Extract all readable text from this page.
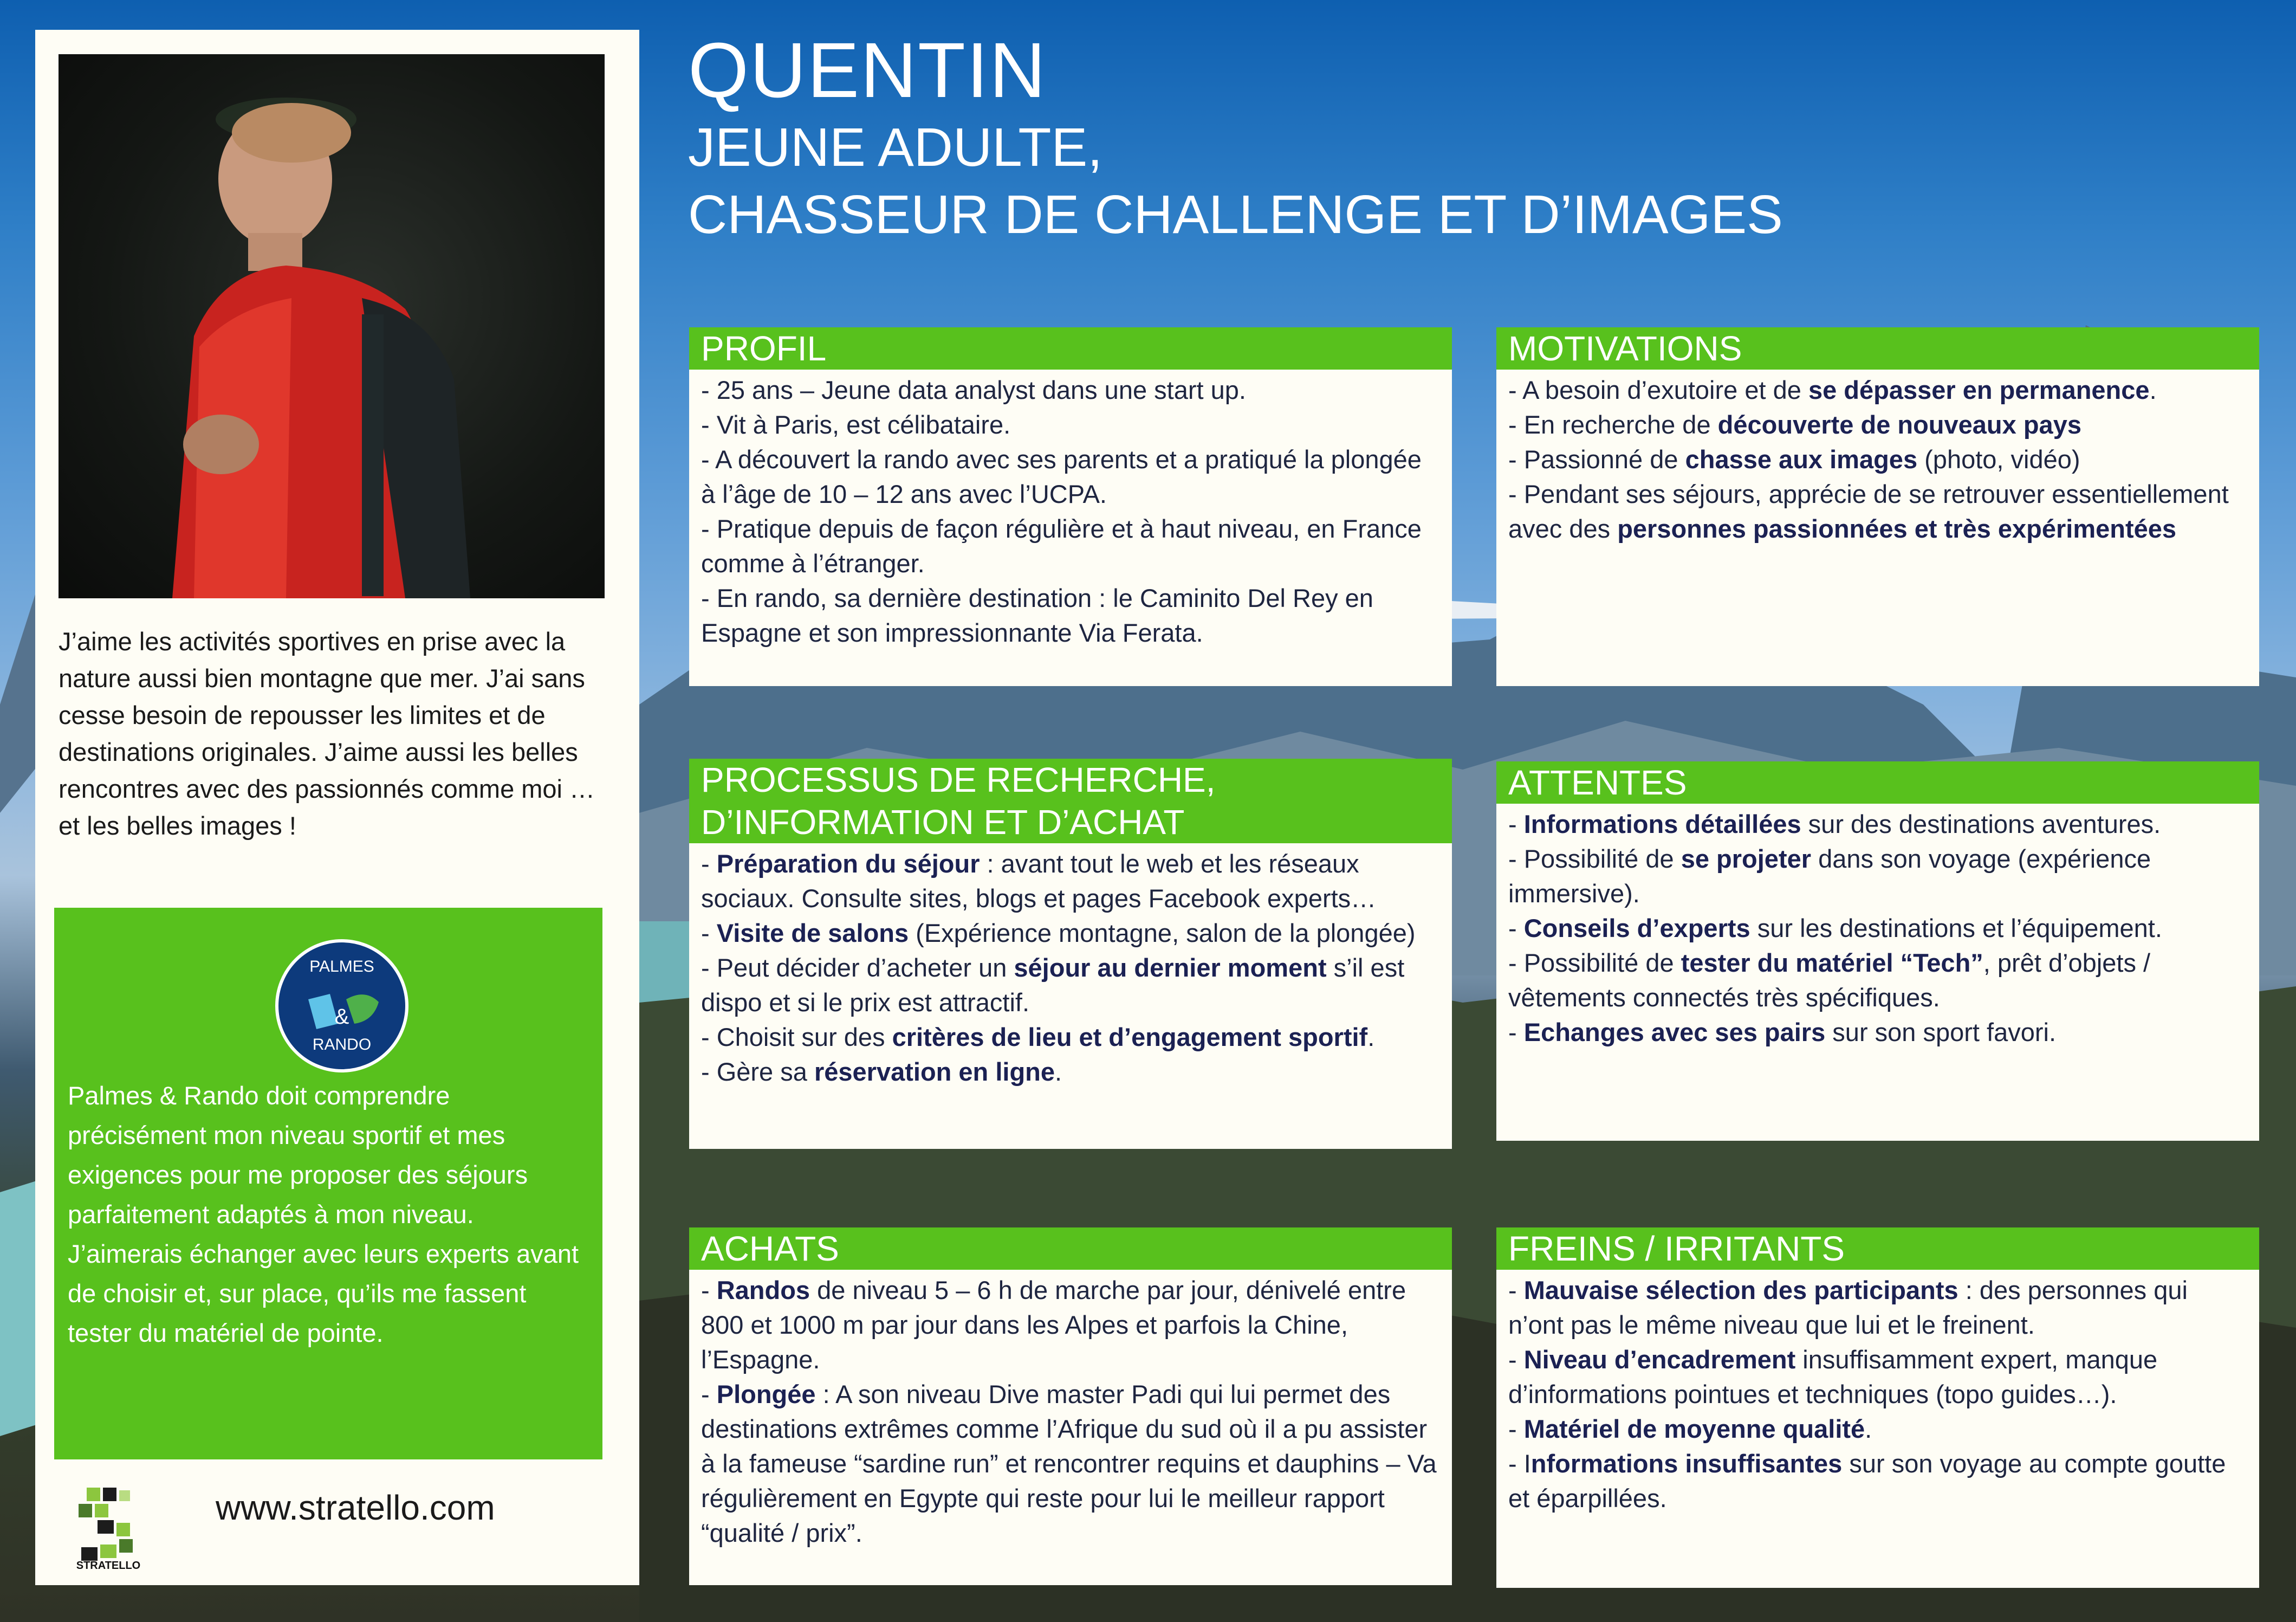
J’aime les activités sportives en prise avec la nature aussi bien montagne que mer. J’ai sans cesse besoin de repousser les limites et de destinations originales. J’aime aussi les belles rencontres avec des passionnés comme moi … et les belles images !
PALMES
&
RANDO
Palmes & Rando doit comprendre précisément mon niveau sportif et mes exigences pour me proposer des séjours parfaitement adaptés à mon niveau. J’aimerais échanger avec leurs experts avant de choisir et, sur place, qu’ils me fassent tester du matériel de pointe.
STRATELLO
www.stratello.com
QUENTIN
JEUNE ADULTE,
CHASSEUR DE CHALLENGE ET D’IMAGES
PROFIL
- 25 ans – Jeune data analyst dans une start up.
- Vit à Paris, est célibataire.
- A découvert la rando avec ses parents et a pratiqué la plongée à l’âge de 10 – 12 ans avec l’UCPA.
- Pratique depuis de façon régulière et à haut niveau, en France comme à l’étranger.
- En rando, sa dernière destination : le Caminito Del Rey en Espagne et son impressionnante Via Ferata.
MOTIVATIONS
- A besoin d’exutoire et de se dépasser en permanence.
- En recherche de découverte de nouveaux pays
- Passionné de chasse aux images (photo, vidéo)
- Pendant ses séjours, apprécie de se retrouver essentiellement avec des personnes passionnées et très expérimentées
PROCESSUS DE RECHERCHE,
D’INFORMATION ET D’ACHAT
- Préparation du séjour : avant tout le web et les réseaux sociaux. Consulte sites, blogs et pages Facebook experts…
- Visite de salons (Expérience montagne, salon de la plongée)
- Peut décider d’acheter un séjour au dernier moment s’il est dispo et si le prix est attractif.
- Choisit sur des critères de lieu et d’engagement sportif.
- Gère sa réservation en ligne.
ATTENTES
- Informations détaillées sur des destinations aventures.
- Possibilité de se projeter dans son voyage (expérience immersive).
- Conseils d’experts sur les destinations et l’équipement.
- Possibilité de tester du matériel “Tech”, prêt d’objets / vêtements connectés très spécifiques.
- Echanges avec ses pairs sur son sport favori.
ACHATS
- Randos de niveau 5 – 6 h de marche par jour, dénivelé entre 800 et 1000 m par jour dans les Alpes et parfois la Chine, l’Espagne.
- Plongée : A son niveau Dive master Padi qui lui permet des destinations extrêmes comme l’Afrique du sud où il a pu assister à la fameuse “sardine run” et rencontrer requins et dauphins – Va régulièrement en Egypte qui reste pour lui le meilleur rapport “qualité / prix”.
FREINS / IRRITANTS
- Mauvaise sélection des participants : des personnes qui n’ont pas le même niveau que lui et le freinent.
- Niveau d’encadrement insuffisamment expert, manque d’informations pointues et techniques (topo guides…).
- Matériel de moyenne qualité.
- Informations insuffisantes sur son voyage au compte goutte et éparpillées.
